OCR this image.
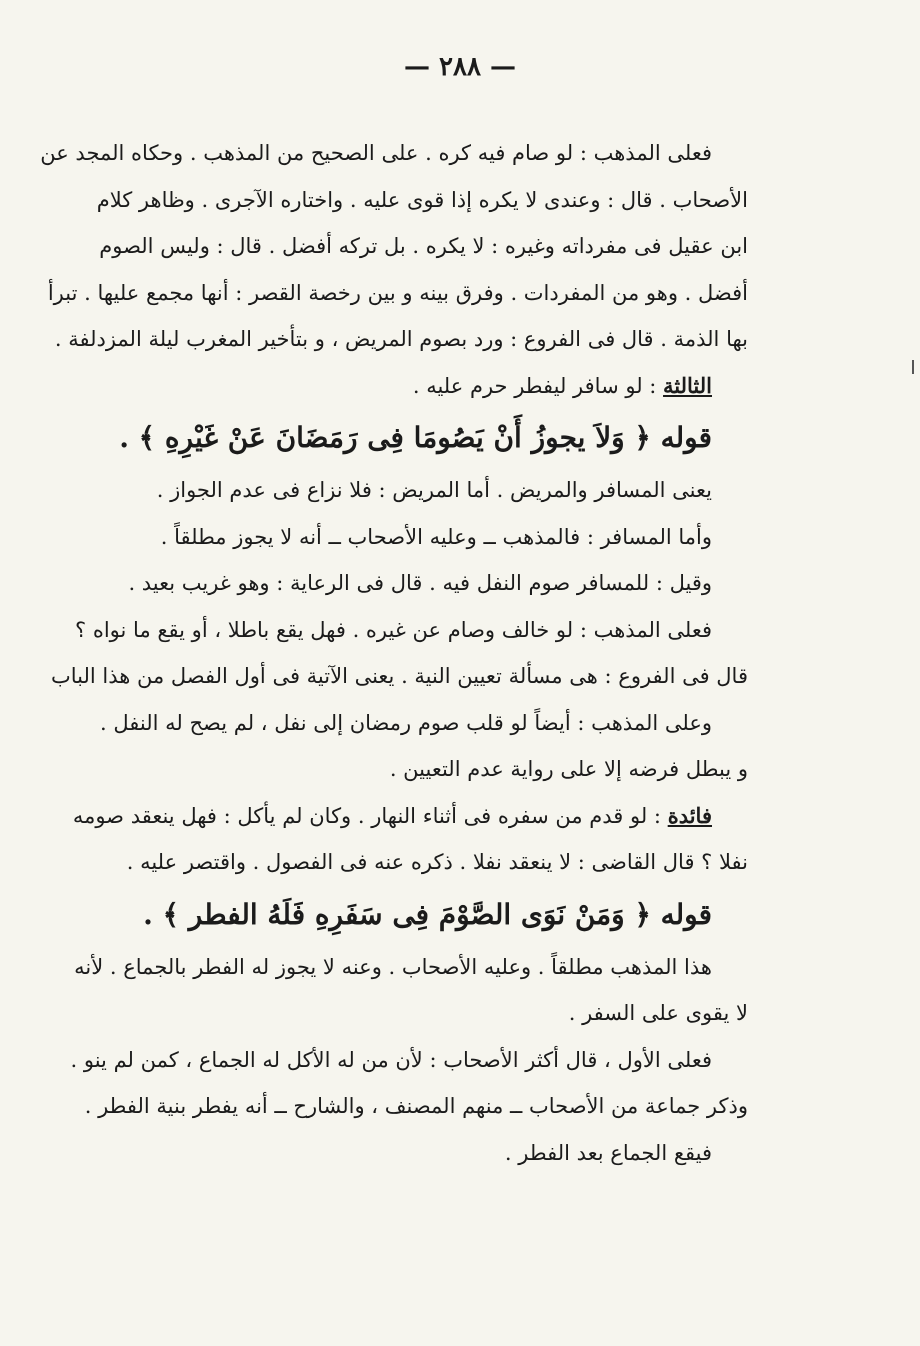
— ٢٨٨ —
فعلى المذهب : لو صام فيه كره . على الصحيح من المذهب . وحكاه المجد عن
الأصحاب . قال : وعندى لا يكره إذا قوى عليه . واختاره الآجرى . وظاهر كلام
ابن عقيل فى مفرداته وغيره : لا يكره . بل تركه أفضل . قال : وليس الصوم
أفضل . وهو من المفردات . وفرق بينه و بين رخصة القصر : أنها مجمع عليها . تبرأ
بها الذمة . قال فى الفروع : ورد بصوم المريض ، و بتأخير المغرب ليلة المزدلفة .
الثالثة : لو سافر ليفطر حرم عليه .
قوله ﴿ وَلاَ يجوزُ أَنْ يَصُومَا فِى رَمَضَانَ عَنْ غَيْرِهِ ﴾ .
يعنى المسافر والمريض . أما المريض : فلا نزاع فى عدم الجواز .
وأما المسافر : فالمذهب ــ وعليه الأصحاب ــ أنه لا يجوز مطلقاً .
وقيل : للمسافر صوم النفل فيه . قال فى الرعاية : وهو غريب بعيد .
فعلى المذهب : لو خالف وصام عن غيره . فهل يقع باطلا ، أو يقع ما نواه ؟
قال فى الفروع : هى مسألة تعيين النية . يعنى الآتية فى أول الفصل من هذا الباب
وعلى المذهب : أيضاً لو قلب صوم رمضان إلى نفل ، لم يصح له النفل .
و يبطل فرضه إلا على رواية عدم التعيين .
فائدة : لو قدم من سفره فى أثناء النهار . وكان لم يأكل : فهل ينعقد صومه
نفلا ؟ قال القاضى : لا ينعقد نفلا . ذكره عنه فى الفصول . واقتصر عليه .
قوله ﴿ وَمَنْ نَوَى الصَّوْمَ فِى سَفَرِهِ فَلَهُ الفطر ﴾ .
هذا المذهب مطلقاً . وعليه الأصحاب . وعنه لا يجوز له الفطر بالجماع . لأنه
لا يقوى على السفر .
فعلى الأول ، قال أكثر الأصحاب : لأن من له الأكل له الجماع ، كمن لم ينو .
وذكر جماعة من الأصحاب ــ منهم المصنف ، والشارح ــ أنه يفطر بنية الفطر .
فيقع الجماع بعد الفطر .
